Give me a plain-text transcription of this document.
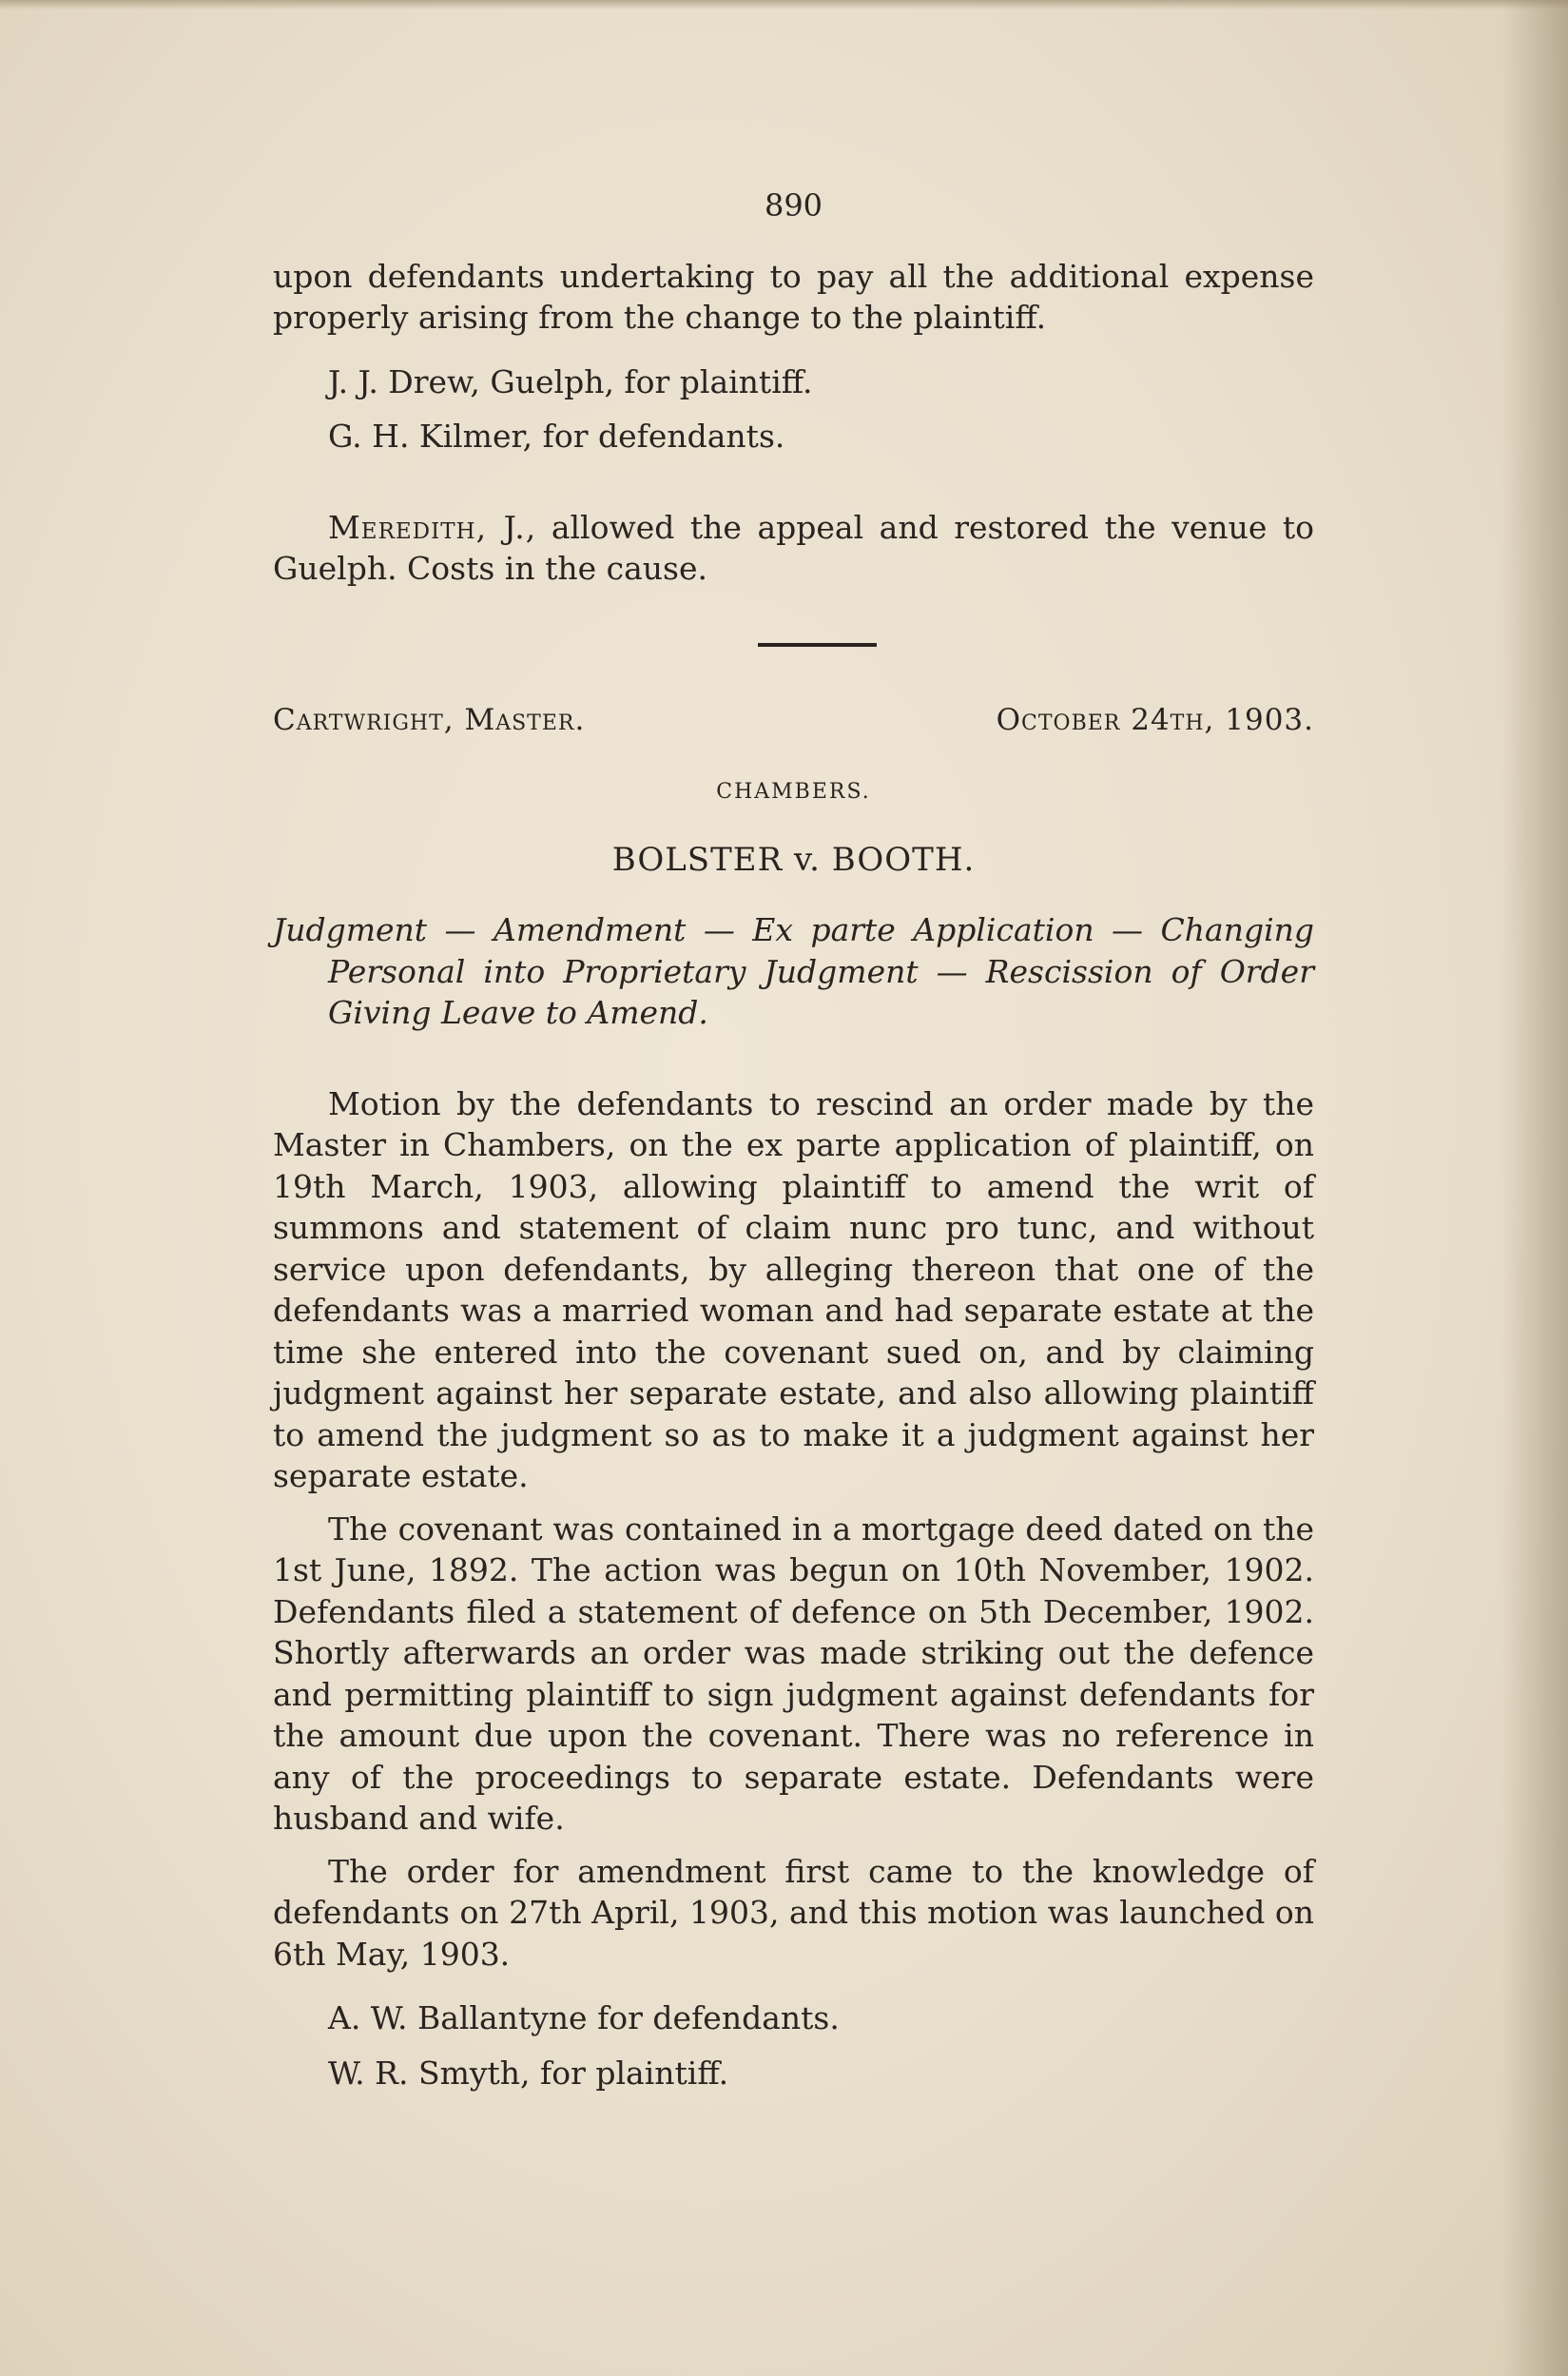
890

upon defendants undertaking to pay all the additional expense properly arising from the change to the plaintiff.

J. J. Drew, Guelph, for plaintiff.

G. H. Kilmer, for defendants.

Meredith, J., allowed the appeal and restored the venue to Guelph. Costs in the cause.

Cartwright, Master.	October 24th, 1903.
CHAMBERS.
BOLSTER v. BOOTH.

Judgment — Amendment — Ex parte Application — Changing Personal into Proprietary Judgment — Rescission of Order Giving Leave to Amend.

Motion by the defendants to rescind an order made by the Master in Chambers, on the ex parte application of plaintiff, on 19th March, 1903, allowing plaintiff to amend the writ of summons and statement of claim nunc pro tunc, and without service upon defendants, by alleging thereon that one of the defendants was a married woman and had separate estate at the time she entered into the covenant sued on, and by claiming judgment against her separate estate, and also allowing plaintiff to amend the judgment so as to make it a judgment against her separate estate.

The covenant was contained in a mortgage deed dated on the 1st June, 1892. The action was begun on 10th November, 1902. Defendants filed a statement of defence on 5th December, 1902. Shortly afterwards an order was made striking out the defence and permitting plaintiff to sign judgment against defendants for the amount due upon the covenant. There was no reference in any of the proceedings to separate estate. Defendants were husband and wife.

The order for amendment first came to the knowledge of defendants on 27th April, 1903, and this motion was launched on 6th May, 1903.

A. W. Ballantyne for defendants.

W. R. Smyth, for plaintiff.
